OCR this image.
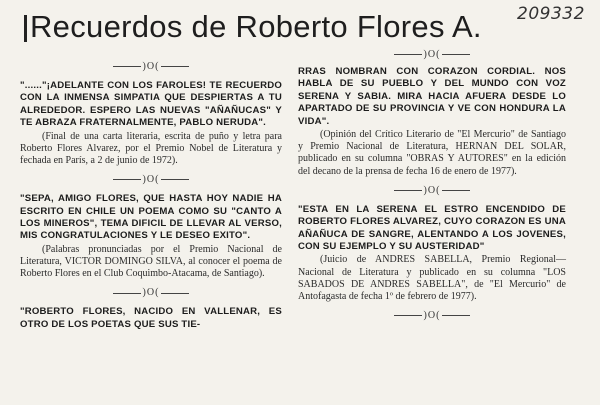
Recuerdos de Roberto Flores A. 209332
)O(

"......"¡ADELANTE CON LOS FAROLES! TE RECUERDO CON LA INMENSA SIMPATIA QUE DESPIERTAS A TU ALREDEDOR. ESPERO LAS NUEVAS "AÑAÑUCAS" Y TE ABRAZA FRATERNALMENTE, PABLO NERUDA".

(Final de una carta literaria, escrita de puño y letra para Roberto Flores Alvarez, por el Premio Nobel de Literatura y fechada en París, a 2 de junio de 1972).

)O(

"SEPA, AMIGO FLORES, QUE HASTA HOY NADIE HA ESCRITO EN CHILE UN POEMA COMO SU "CANTO A LOS MINEROS", TEMA DIFICIL DE LLEVAR AL VERSO, MIS CONGRATULACIONES Y LE DESEO EXITO".

(Palabras pronunciadas por el Premio Nacional de Literatura, VICTOR DOMINGO SILVA, al conocer el poema de Roberto Flores en el Club Coquimbo-Atacama, de Santiago).

)O(

"ROBERTO FLORES, NACIDO EN VALLENAR, ES OTRO DE LOS POETAS QUE SUS TIE-

)O(

RRAS NOMBRAN CON CORAZON CORDIAL. NOS HABLA DE SU PUEBLO Y DEL MUNDO CON VOZ SERENA Y SABIA. MIRA HACIA AFUERA DESDE LO APARTADO DE SU PROVINCIA Y VE CON HONDURA LA VIDA".

(Opinión del Crítico Literario de "El Mercurio" de Santiago y Premio Nacional de Literatura, HERNAN DEL SOLAR, publicado en su columna "OBRAS Y AUTORES" en la edición del decano de la prensa de fecha 16 de enero de 1977).

)O(

"ESTA EN LA SERENA EL ESTRO ENCENDIDO DE ROBERTO FLORES ALVAREZ, CUYO CORAZON ES UNA AÑAÑUCA DE SANGRE, ALENTANDO A LOS JOVENES, CON SU EJEMPLO Y SU AUSTERIDAD"

(Juicio de ANDRES SABELLA, Premio Regional—Nacional de Literatura y publicado en su columna "LOS SABADOS DE ANDRES SABELLA", de "El Mercurio" de Antofagasta de fecha 1º de febrero de 1977).

)O(
